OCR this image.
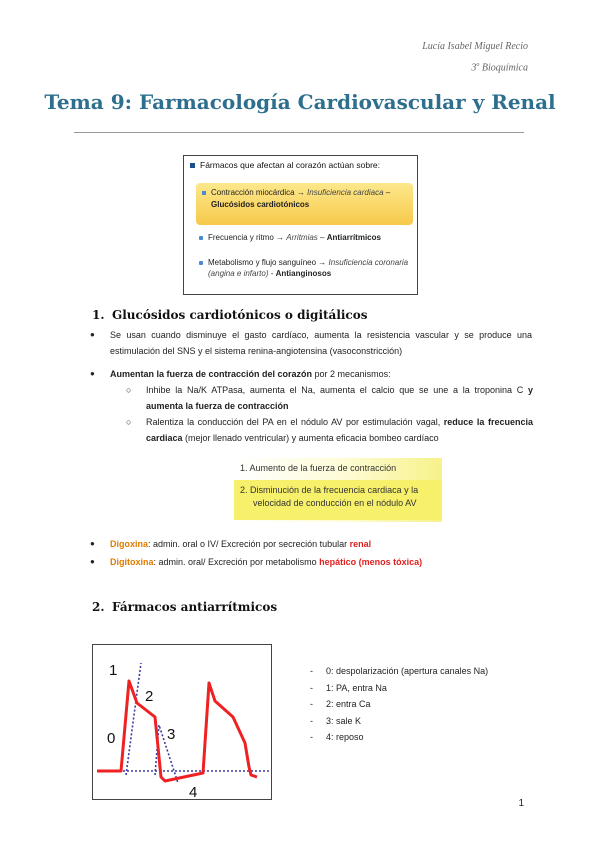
Lucía Isabel Miguel Recio
3$^o$ Bioquímica
Tema 9: Farmacología Cardiovascular y Renal
Fármacos que afectan al corazón actúan sobre:
Contracción miocárdica → Insuficiencia cardiaca –
Glucósidos cardiotónicos
Frecuencia y ritmo → Arritmias – Antiarrítmicos
Metabolismo y flujo sanguíneo → Insuficiencia coronaria
(angina e infarto) - Antianginosos
1. Glucósidos cardiotónicos o digitálicos
● Se usan cuando disminuye el gasto cardíaco, aumenta la resistencia vascular y se produce una estimulación del SNS y el sistema renina-angiotensina (vasoconstricción)
● Aumentan la fuerza de contracción del corazón por 2 mecanismos:
○ Inhibe la Na/K ATPasa, aumenta el Na, aumenta el calcio que se une a la troponina C y aumenta la fuerza de contracción
○ Ralentiza la conducción del PA en el nódulo AV por estimulación vagal, reduce la frecuencia cardiaca (mejor llenado ventricular) y aumenta eficacia bombeo cardíaco
1. Aumento de la fuerza de contracción
2. Disminución de la frecuencia cardiaca y la
velocidad de conducción en el nódulo AV
● Digoxina: admin. oral o IV/ Excreción por secreción tubular renal
● Digitoxina: admin. oral/ Excreción por metabolismo hepático (menos tóxica)
2. Fármacos antiarrítmicos
1
2
3
0
4
- 0: despolarización (apertura canales Na)
- 1: PA, entra Na
- 2: entra Ca
- 3: sale K
- 4: reposo
1
